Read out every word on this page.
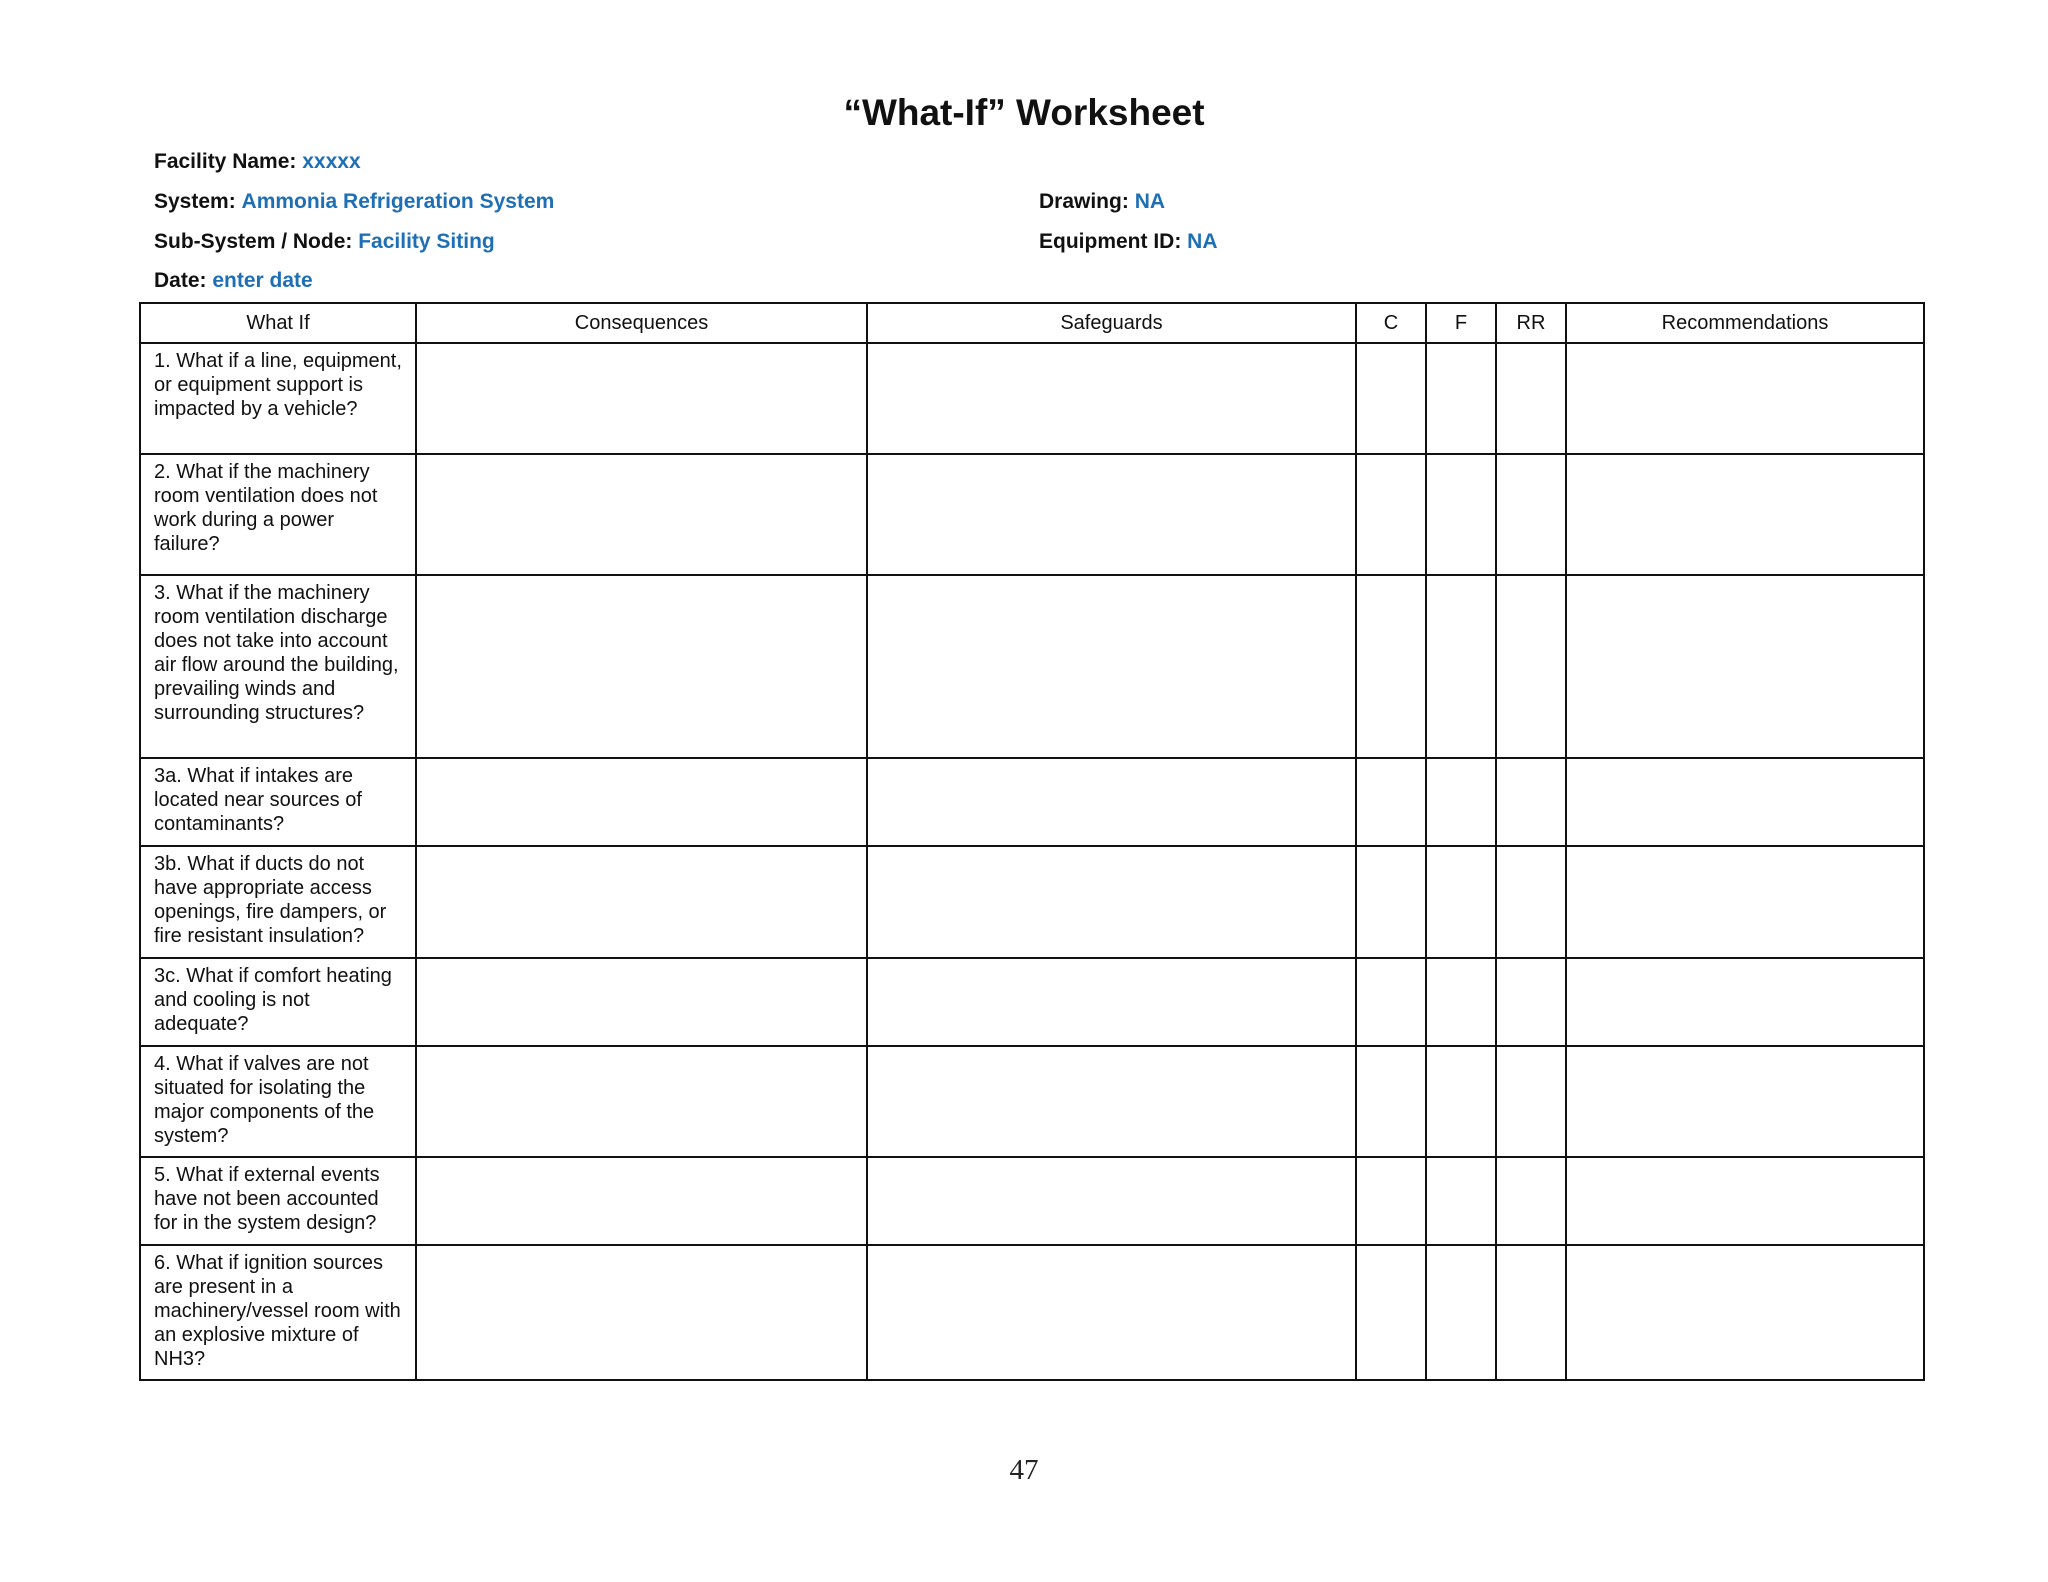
“What-If” Worksheet
Facility Name: xxxxx
System: Ammonia Refrigeration System
Sub-System / Node: Facility Siting
Date: enter date
Drawing: NA
Equipment ID: NA
What If	Consequences	Safeguards	C	F	RR	Recommendations
1. What if a line, equipment, or equipment support is impacted by a vehicle?						
2. What if the machinery room ventilation does not work during a power failure?						
3. What if the machinery room ventilation discharge does not take into account air flow around the building, prevailing winds and surrounding structures?						
3a. What if intakes are located near sources of contaminants?						
3b. What if ducts do not have appropriate access openings, fire dampers, or fire resistant insulation?						
3c. What if comfort heating and cooling is not adequate?						
4. What if valves are not situated for isolating the major components of the system?						
5. What if external events have not been accounted for in the system design?						
6. What if ignition sources are present in a machinery/vessel room with an explosive mixture of NH3?						
47
